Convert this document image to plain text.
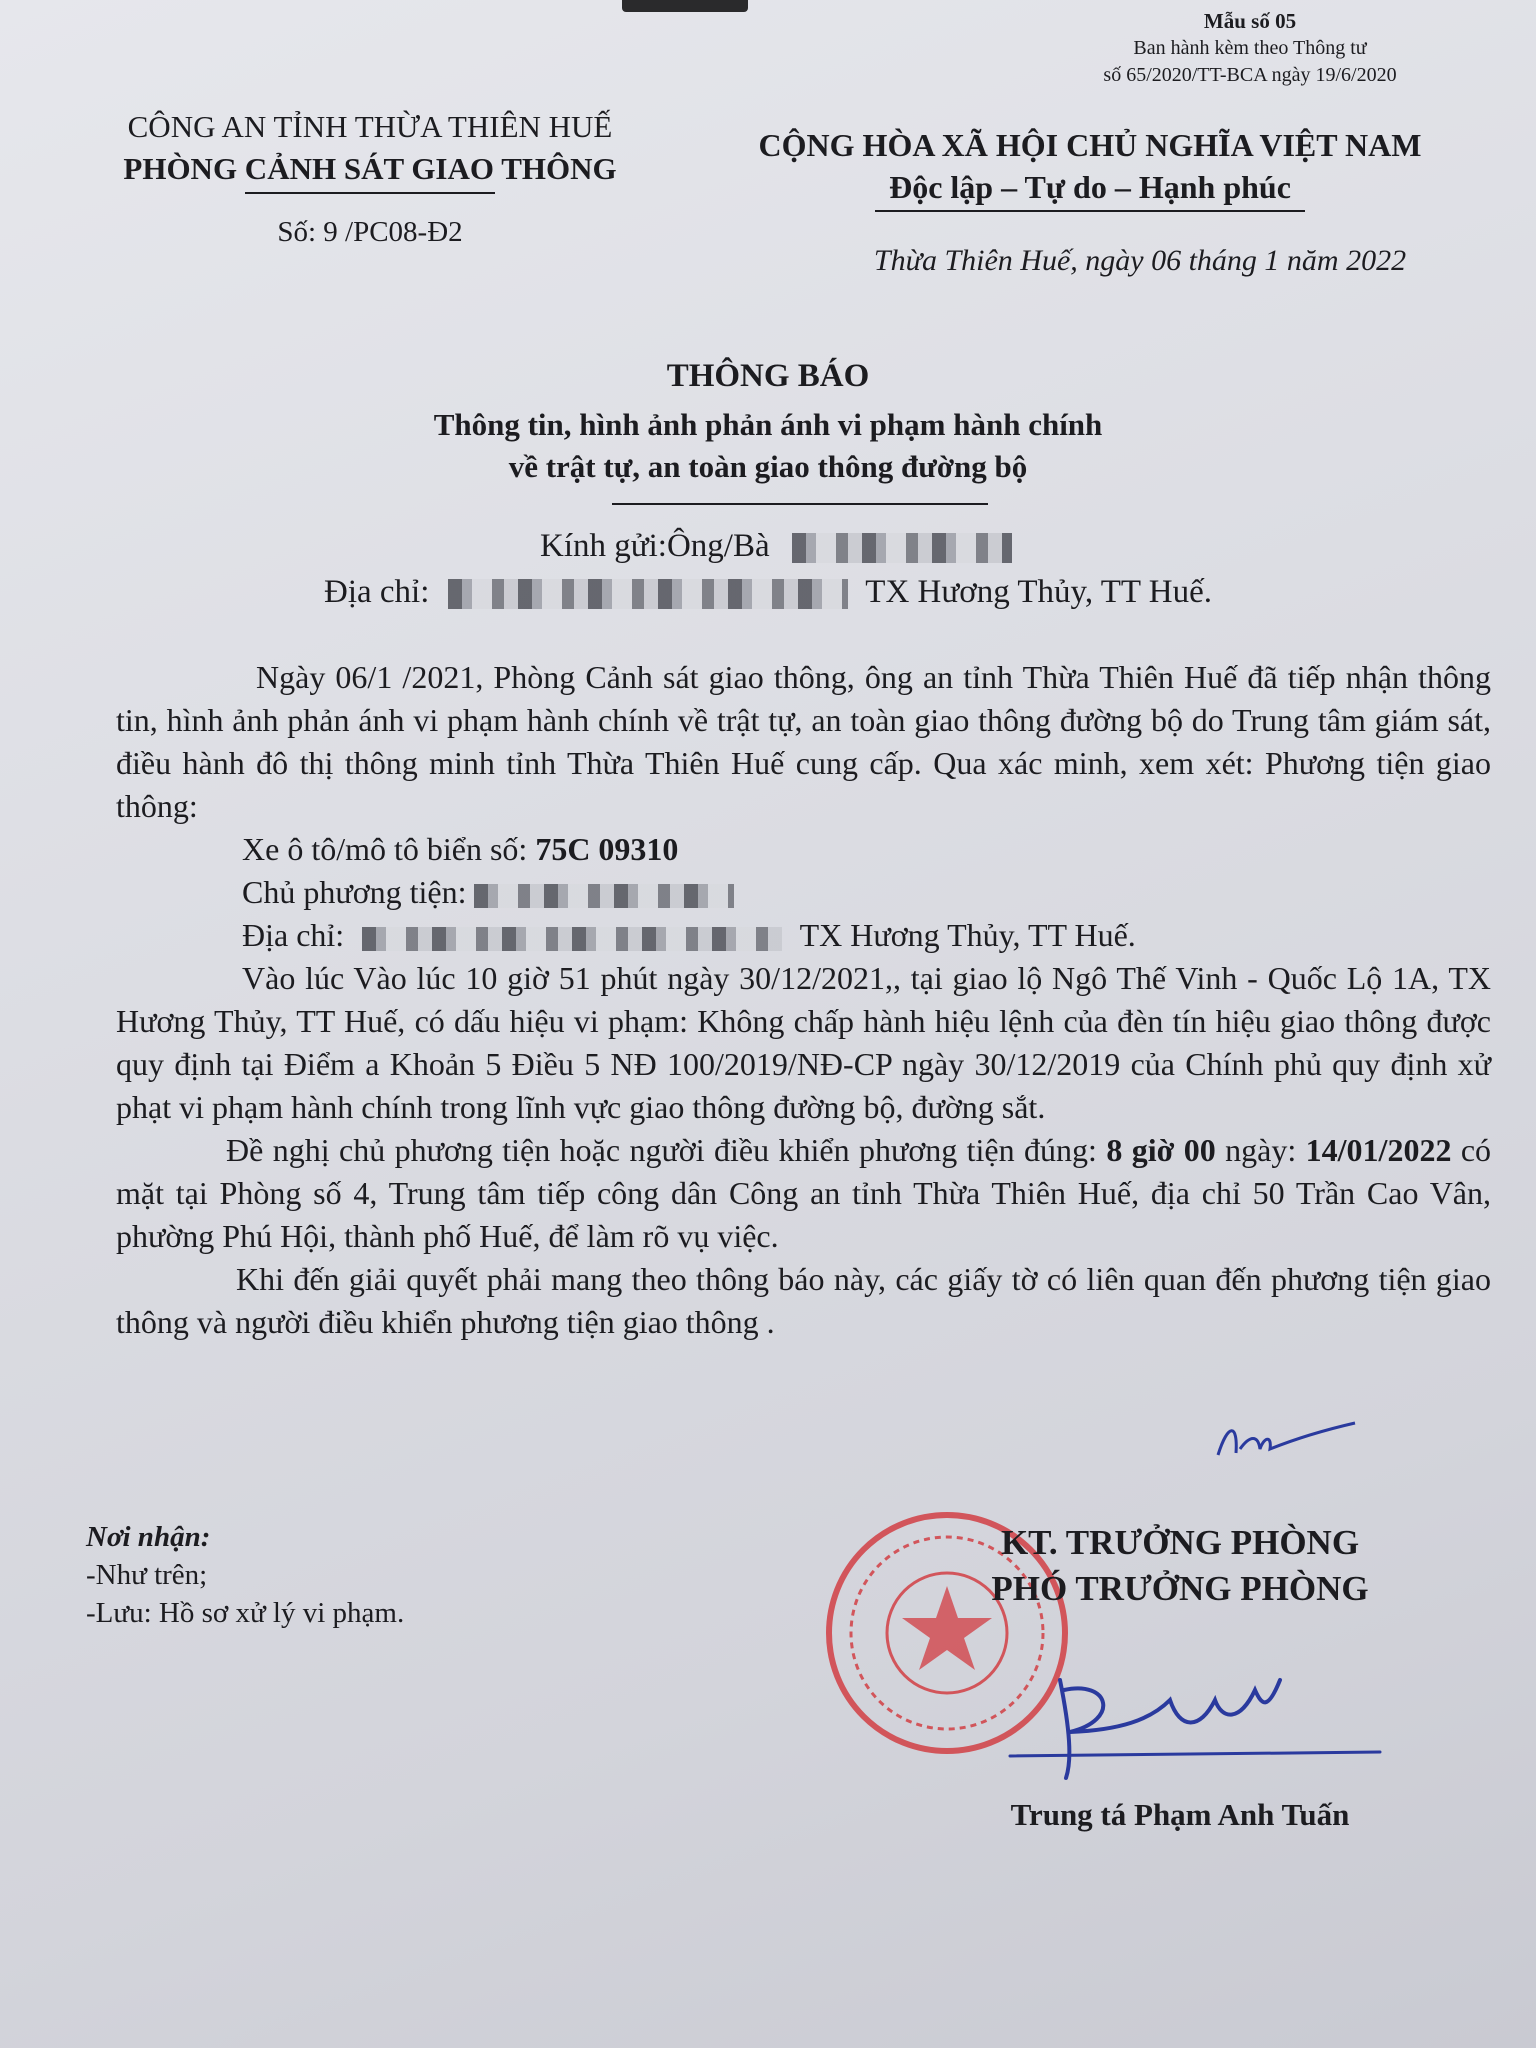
Mẫu số 05
Ban hành kèm theo Thông tư
số 65/2020/TT-BCA ngày 19/6/2020
CÔNG AN TỈNH THỪA THIÊN HUẾ
PHÒNG CẢNH SÁT GIAO THÔNG
Số: 9 /PC08-Đ2
CỘNG HÒA XÃ HỘI CHỦ NGHĨA VIỆT NAM
Độc lập – Tự do – Hạnh phúc
Thừa Thiên Huế, ngày 06 tháng 1 năm 2022
THÔNG BÁO
Thông tin, hình ảnh phản ánh vi phạm hành chính
về trật tự, an toàn giao thông đường bộ
Kính gửi:Ông/Bà
Địa chỉ:	TX Hương Thủy, TT Huế.

Ngày 06/1 /2021, Phòng Cảnh sát giao thông, ông an tỉnh Thừa Thiên Huế đã tiếp nhận thông tin, hình ảnh phản ánh vi phạm hành chính về trật tự, an toàn giao thông đường bộ do Trung tâm giám sát, điều hành đô thị thông minh tỉnh Thừa Thiên Huế cung cấp. Qua xác minh, xem xét: Phương tiện giao thông:

Xe ô tô/mô tô biển số: 75C 09310

Chủ phương tiện:

Địa chỉ:	TX Hương Thủy, TT Huế.

Vào lúc Vào lúc 10 giờ 51 phút ngày 30/12/2021,, tại giao lộ Ngô Thế Vinh - Quốc Lộ 1A, TX Hương Thủy, TT Huế, có dấu hiệu vi phạm: Không chấp hành hiệu lệnh của đèn tín hiệu giao thông được quy định tại Điểm a Khoản 5 Điều 5 NĐ 100/2019/NĐ-CP ngày 30/12/2019 của Chính phủ quy định xử phạt vi phạm hành chính trong lĩnh vực giao thông đường bộ, đường sắt.

Đề nghị chủ phương tiện hoặc người điều khiển phương tiện đúng: 8 giờ 00 ngày: 14/01/2022 có mặt tại Phòng số 4, Trung tâm tiếp công dân Công an tỉnh Thừa Thiên Huế, địa chỉ 50 Trần Cao Vân, phường Phú Hội, thành phố Huế, để làm rõ vụ việc.

Khi đến giải quyết phải mang theo thông báo này, các giấy tờ có liên quan đến phương tiện giao thông và người điều khiển phương tiện giao thông .

Nơi nhận:
-Như trên;
-Lưu: Hồ sơ xử lý vi phạm.
KT. TRƯỞNG PHÒNG
PHÓ TRƯỞNG PHÒNG
Trung tá Phạm Anh Tuấn
